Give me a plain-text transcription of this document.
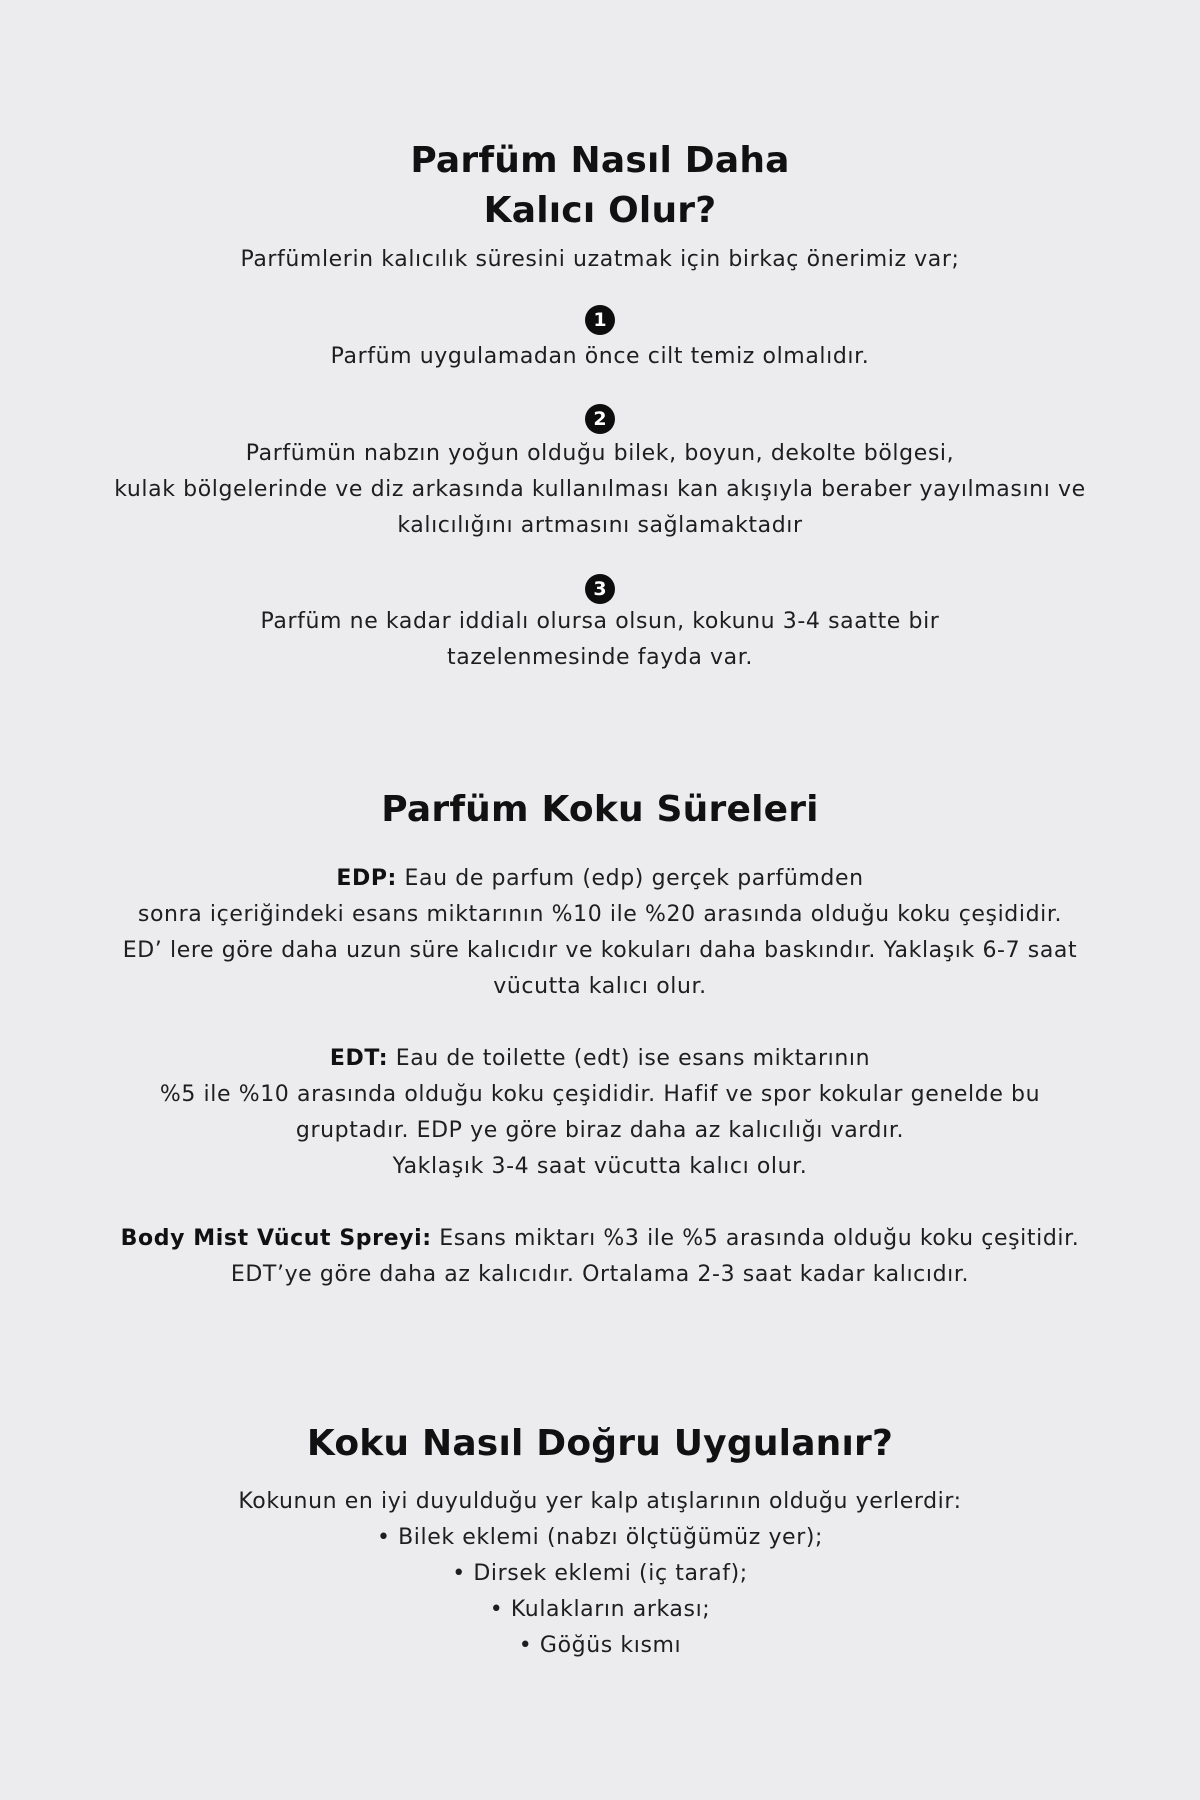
Parfüm Nasıl Daha
Kalıcı Olur?
Parfümlerin kalıcılık süresini uzatmak için birkaç önerimiz var;
1
Parfüm uygulamadan önce cilt temiz olmalıdır.
2
Parfümün nabzın yoğun olduğu bilek, boyun, dekolte bölgesi,
kulak bölgelerinde ve diz arkasında kullanılması kan akışıyla beraber yayılmasını ve
kalıcılığını artmasını sağlamaktadır
3
Parfüm ne kadar iddialı olursa olsun, kokunu 3-4 saatte bir
tazelenmesinde fayda var.
Parfüm Koku Süreleri
EDP: Eau de parfum (edp) gerçek parfümden
sonra içeriğindeki esans miktarının %10 ile %20 arasında olduğu koku çeşididir.
ED’ lere göre daha uzun süre kalıcıdır ve kokuları daha baskındır. Yaklaşık 6-7 saat
vücutta kalıcı olur.
EDT: Eau de toilette (edt) ise esans miktarının
%5 ile %10 arasında olduğu koku çeşididir. Hafif ve spor kokular genelde bu
gruptadır. EDP ye göre biraz daha az kalıcılığı vardır.
Yaklaşık 3-4 saat vücutta kalıcı olur.
Body Mist Vücut Spreyi: Esans miktarı %3 ile %5 arasında olduğu koku çeşitidir.
EDT’ye göre daha az kalıcıdır. Ortalama 2-3 saat kadar kalıcıdır.
Koku Nasıl Doğru Uygulanır?
Kokunun en iyi duyulduğu yer kalp atışlarının olduğu yerlerdir:
• Bilek eklemi (nabzı ölçtüğümüz yer);
• Dirsek eklemi (iç taraf);
• Kulakların arkası;
• Göğüs kısmı
